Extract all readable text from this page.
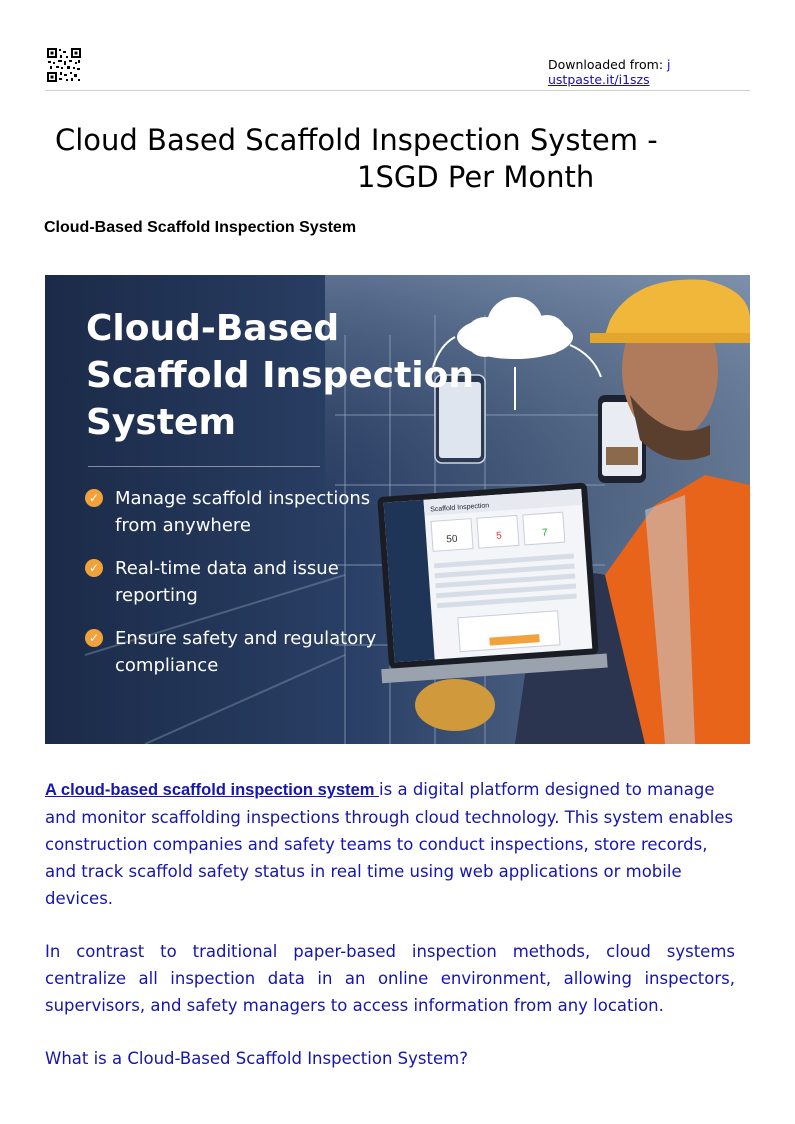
Downloaded from: j
ustpaste.it/i1szs
Cloud Based Scaffold Inspection System -
1SGD Per Month
Cloud-Based Scaffold Inspection System
50	5	7
Scaffold Inspection
Cloud-Based
Scaffold Inspection
System
✓ Manage scaffold inspections
from anywhere
✓ Real-time data and issue
reporting
✓ Ensure safety and regulatory
compliance

A cloud-based scaffold inspection system is a digital platform designed to manage and monitor scaffolding inspections through cloud technology. This system enables construction companies and safety teams to conduct inspections, store records, and track scaffold safety status in real time using web applications or mobile devices.

In contrast to traditional paper-based inspection methods, cloud systems centralize all inspection data in an online environment, allowing inspectors, supervisors, and safety managers to access information from any location.

What is a Cloud-Based Scaffold Inspection System?
